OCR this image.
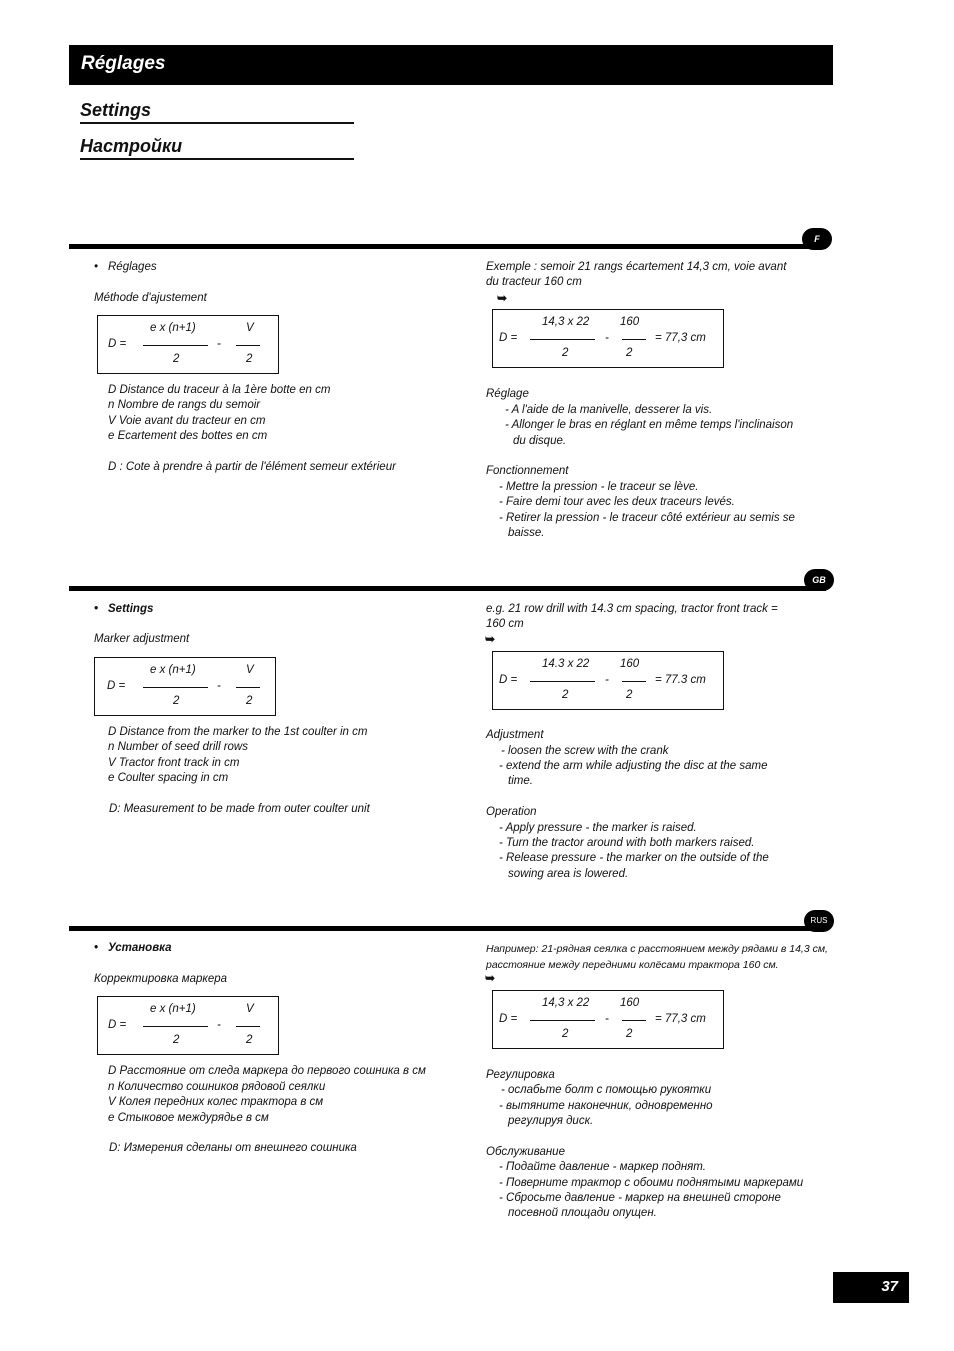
Réglages
Settings
Настройки
F
• Réglages
Méthode d'ajustement
D =
e x (n+1)
2
-
V
2
D Distance du traceur à la 1ère botte en cm
n Nombre de rangs du semoir
V Voie avant du tracteur en cm
e Ecartement des bottes en cm
D : Cote à prendre à partir de l'élément semeur extérieur
Exemple : semoir 21 rangs écartement 14,3 cm, voie avant
du tracteur 160 cm
➥
D =
14,3 x 22
2
-
160
2
= 77,3 cm
Réglage
- A l'aide de la manivelle, desserer la vis.
- Allonger le bras en réglant en même temps l'inclinaison
du disque.
Fonctionnement
- Mettre la pression - le traceur se lève.
- Faire demi tour avec les deux traceurs levés.
- Retirer la pression - le traceur côté extérieur au semis se
baisse.
GB
• Settings
Marker adjustment
D =
e x (n+1)
2
-
V
2
D Distance from the marker to the 1st coulter in cm
n Number of seed drill rows
V Tractor front track in cm
e Coulter spacing in cm
D: Measurement to be made from outer coulter unit
e.g. 21 row drill with 14.3 cm spacing, tractor front track =
160 cm
➥
D =
14.3 x 22
2
-
160
2
= 77.3 cm
Adjustment
- loosen the screw with the crank
- extend the arm while adjusting the disc at the same
time.
Operation
- Apply pressure - the marker is raised.
- Turn the tractor around with both markers raised.
- Release pressure - the marker on the outside of the
sowing area is lowered.
RUS
• Установка
Корректировка маркера
D =
e x (n+1)
2
-
V
2
D Расстояние от следа маркера до первого сошника в см
n Количество сошников рядовой сеялки
V Колея передних колес трактора в см
e Стыковое междурядье в см
D: Измерения сделаны от внешнего сошника
Например: 21-рядная сеялка с расстоянием между рядами в 14,3 см,
расстояние между передними колёсами трактора 160 см.
➥
D =
14,3 x 22
2
-
160
2
= 77,3 cm
Регулировка
- ослабьте болт с помощью рукоятки
- вытяните наконечник, одновременно
регулируя диск.
Обслуживание
- Подайте давление - маркер поднят.
- Поверните трактор с обоими поднятыми маркерами
- Сбросьте давление - маркер на внешней стороне
посевной площади опущен.
37
